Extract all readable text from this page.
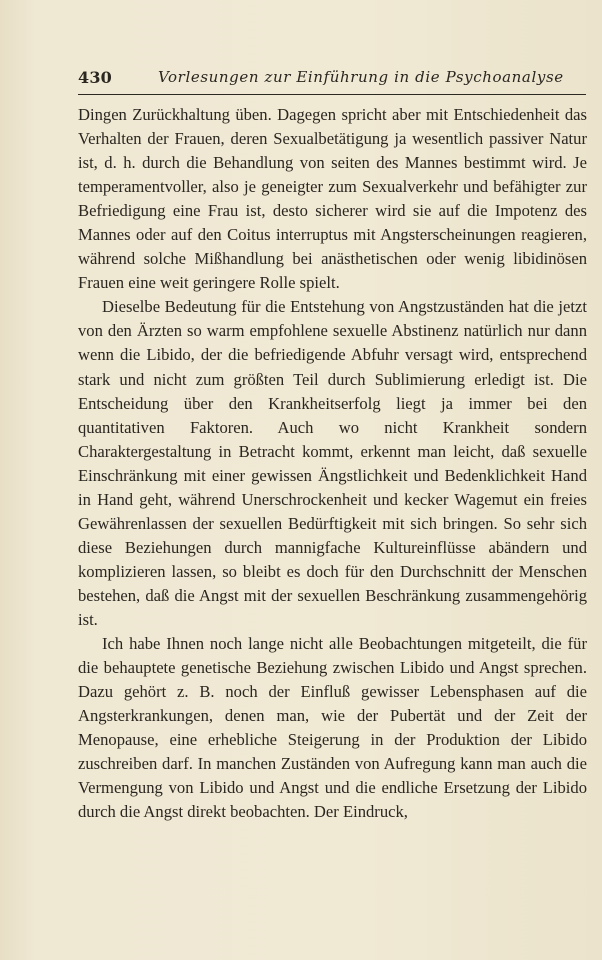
430	Vorlesungen zur Einführung in die Psychoanalyse

Dingen Zurückhaltung üben. Dagegen spricht aber mit Entschiedenheit das Verhalten der Frauen, deren Sexualbetätigung ja wesentlich passiver Natur ist, d. h. durch die Behandlung von seiten des Mannes bestimmt wird. Je temperamentvoller, also je geneigter zum Sexualverkehr und befähigter zur Befriedigung eine Frau ist, desto sicherer wird sie auf die Impotenz des Mannes oder auf den Coitus interruptus mit Angsterscheinungen reagieren, während solche Mißhandlung bei anästhetischen oder wenig libidinösen Frauen eine weit geringere Rolle spielt.

Dieselbe Bedeutung für die Entstehung von Angstzuständen hat die jetzt von den Ärzten so warm empfohlene sexuelle Abstinenz natürlich nur dann wenn die Libido, der die befriedigende Abfuhr versagt wird, entsprechend stark und nicht zum größten Teil durch Sublimierung erledigt ist. Die Entscheidung über den Krankheitserfolg liegt ja immer bei den quantitativen Faktoren. Auch wo nicht Krankheit sondern Charaktergestaltung in Betracht kommt, erkennt man leicht, daß sexuelle Einschränkung mit einer gewissen Ängstlichkeit und Bedenklichkeit Hand in Hand geht, während Unerschrockenheit und kecker Wagemut ein freies Gewährenlassen der sexuellen Bedürftigkeit mit sich bringen. So sehr sich diese Beziehungen durch mannigfache Kultureinflüsse abändern und komplizieren lassen, so bleibt es doch für den Durchschnitt der Menschen bestehen, daß die Angst mit der sexuellen Beschränkung zusammengehörig ist.

Ich habe Ihnen noch lange nicht alle Beobachtungen mitgeteilt, die für die behauptete genetische Beziehung zwischen Libido und Angst sprechen. Dazu gehört z. B. noch der Einfluß gewisser Lebensphasen auf die Angsterkrankungen, denen man, wie der Pubertät und der Zeit der Menopause, eine erhebliche Steigerung in der Produktion der Libido zuschreiben darf. In manchen Zuständen von Aufregung kann man auch die Vermengung von Libido und Angst und die endliche Ersetzung der Libido durch die Angst direkt beobachten. Der Eindruck,
